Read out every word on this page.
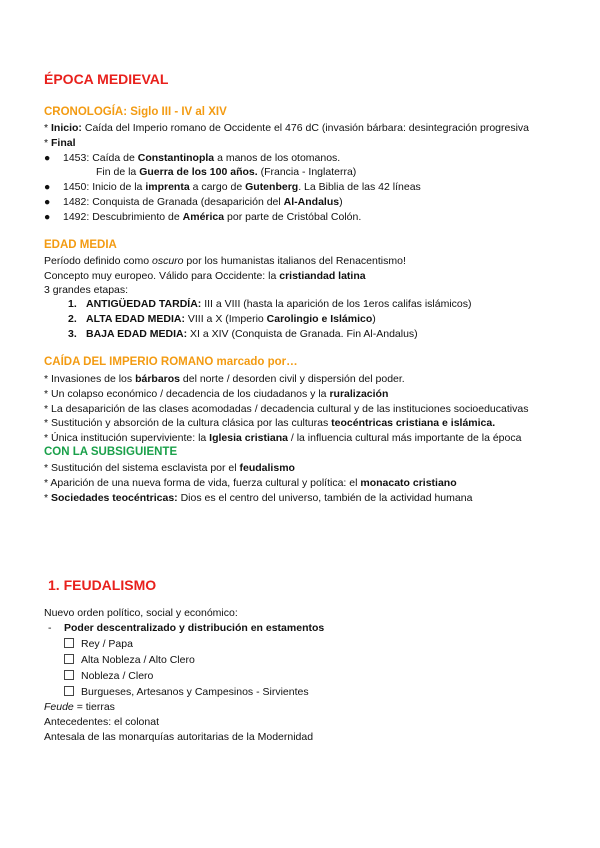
ÉPOCA MEDIEVAL
CRONOLOGÍA: Siglo III - IV al XIV
* Inicio: Caída del Imperio romano de Occidente el 476 dC (invasión bárbara: desintegración progresiva
* Final
● 1453: Caída de Constantinopla a manos de los otomanos.
Fin de la Guerra de los 100 años. (Francia - Inglaterra)
● 1450: Inicio de la imprenta a cargo de Gutenberg. La Biblia de las 42 líneas
● 1482: Conquista de Granada (desaparición del Al-Andalus)
● 1492: Descubrimiento de América por parte de Cristóbal Colón.
EDAD MEDIA
Período definido como oscuro por los humanistas italianos del Renacentismo!
Concepto muy europeo. Válido para Occidente: la cristiandad latina
3 grandes etapas:
1. ANTIGÜEDAD TARDÍA: III a VIII (hasta la aparición de los 1eros califas islámicos)
2. ALTA EDAD MEDIA: VIII a X (Imperio Carolingio e Islámico)
3. BAJA EDAD MEDIA: XI a XIV (Conquista de Granada. Fin Al-Andalus)
CAÍDA DEL IMPERIO ROMANO marcado por…
* Invasiones de los bárbaros del norte / desorden civil y dispersión del poder.
* Un colapso económico / decadencia de los ciudadanos y la ruralización
* La desaparición de las clases acomodadas / decadencia cultural y de las instituciones socioeducativas
* Sustitución y absorción de la cultura clásica por las culturas teocéntricas cristiana e islámica.
* Única institución superviviente: la Iglesia cristiana / la influencia cultural más importante de la época
CON LA SUBSIGUIENTE
* Sustitución del sistema esclavista por el feudalismo
* Aparición de una nueva forma de vida, fuerza cultural y política: el monacato cristiano
* Sociedades teocéntricas: Dios es el centro del universo, también de la actividad humana
1. FEUDALISMO
Nuevo orden político, social y económico:
- Poder descentralizado y distribución en estamentos
Rey / Papa
Alta Nobleza / Alto Clero
Nobleza / Clero
Burgueses, Artesanos y Campesinos - Sirvientes
Feude = tierras
Antecedentes: el colonat
Antesala de las monarquías autoritarias de la Modernidad
